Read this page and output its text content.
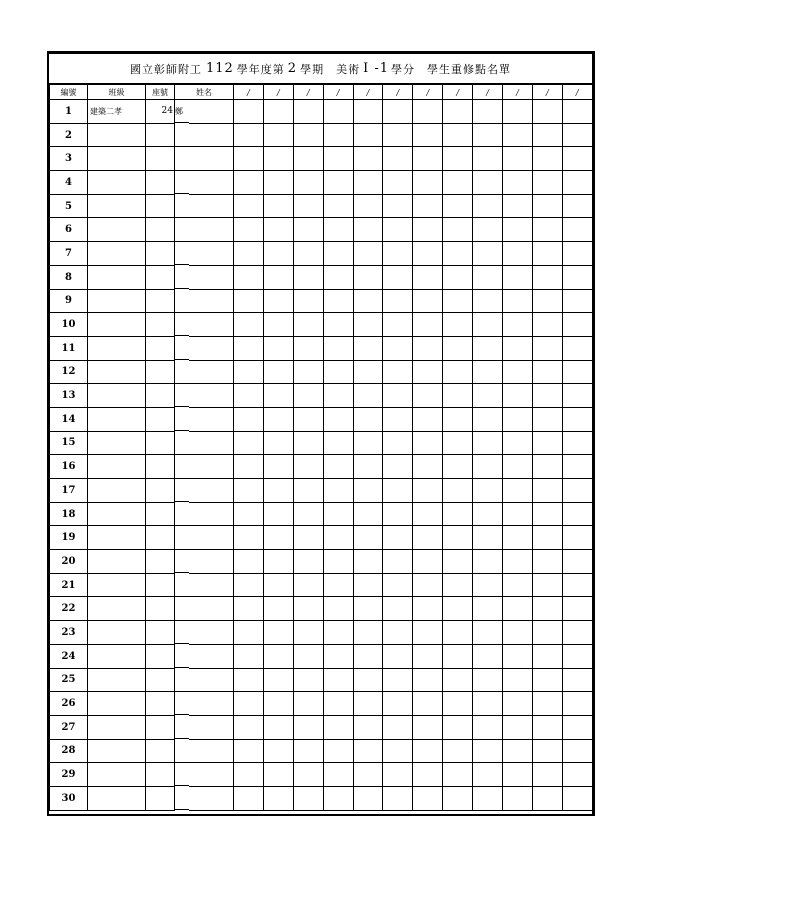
國立彰師附工 112 學年度第 2 學期 美術 I -1 學分 學生重修點名單
編號	班級	座號	姓名		/	/	/	/	/	/	/	/	/	/	/	/
1	建築二孝	24	鄭

2			

3			

4			

5			

6			

7			

8			

9			

10			

11			

12			

13			

14			

15			

16			

17			

18			

19			

20			

21			

22			

23			

24			

25			

26			

27			

28			

29			

30			
